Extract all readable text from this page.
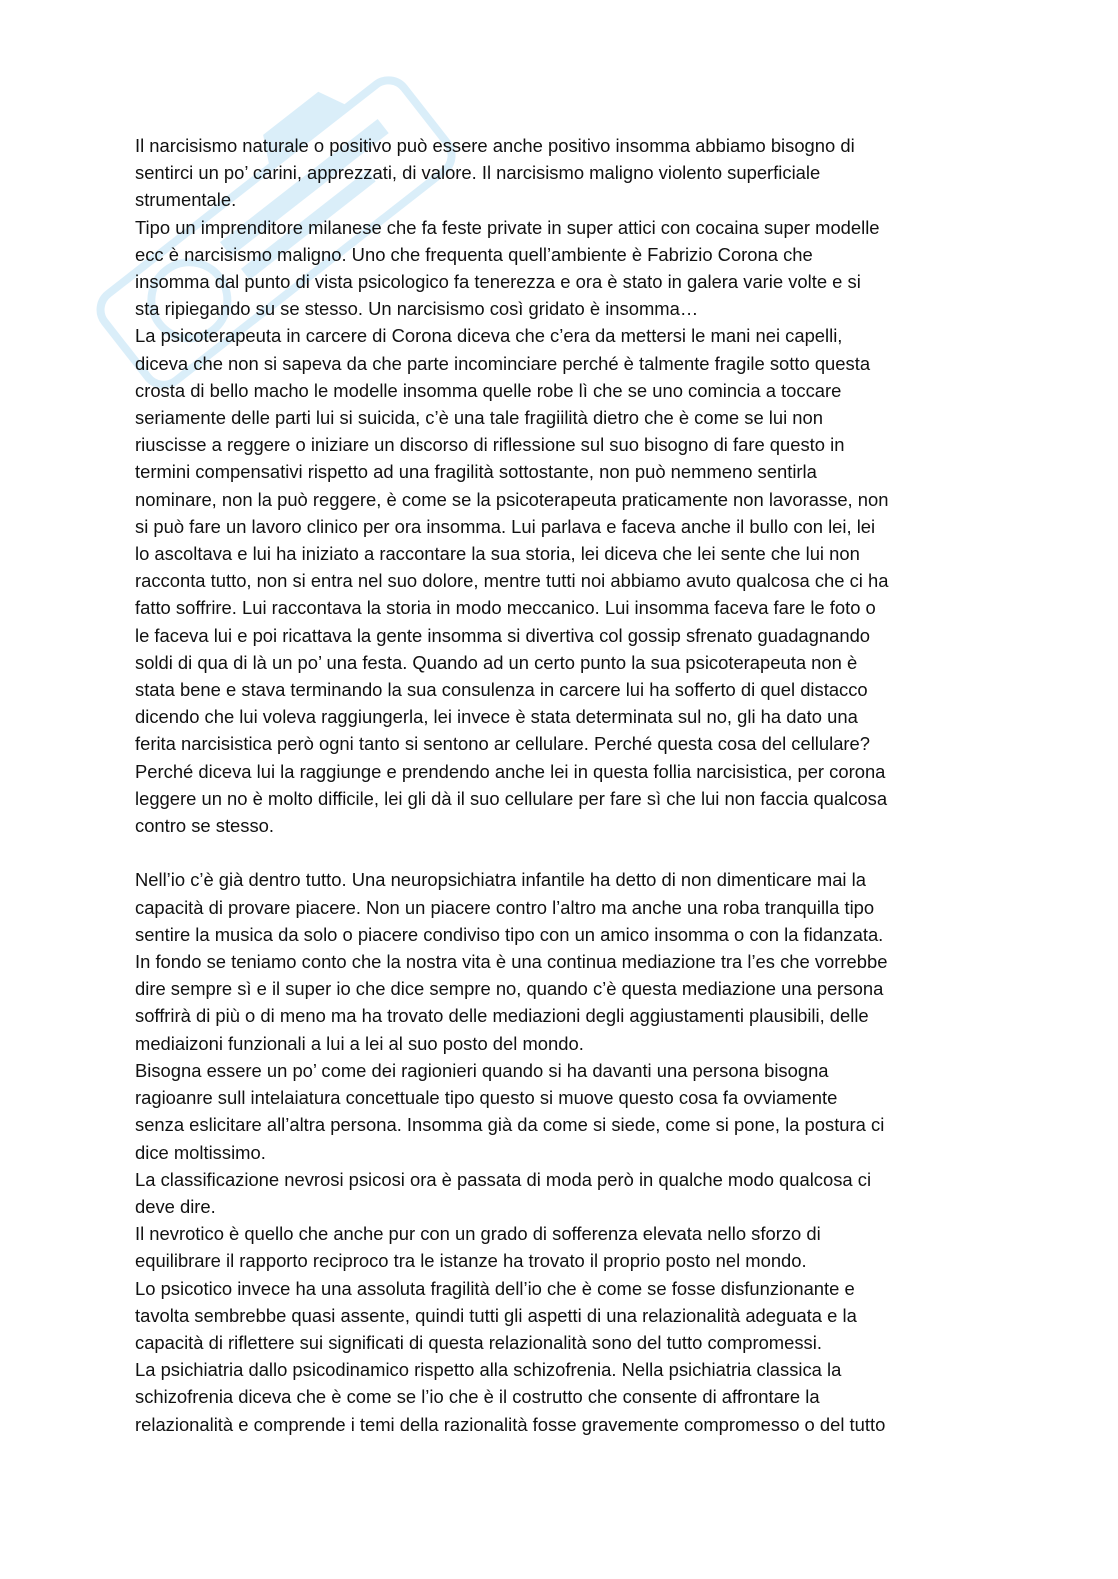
Il narcisismo naturale o positivo può essere anche positivo insomma abbiamo bisogno di
sentirci un po’ carini, apprezzati, di valore. Il narcisismo maligno violento superficiale
strumentale.
Tipo un imprenditore milanese che fa feste private in super attici con cocaina super modelle
ecc è narcisismo maligno. Uno che frequenta quell’ambiente è Fabrizio Corona che
insomma dal punto di vista psicologico fa tenerezza e ora è stato in galera varie volte e si
sta ripiegando su se stesso. Un narcisismo così gridato è insomma…
La psicoterapeuta in carcere di Corona diceva che c’era da mettersi le mani nei capelli,
diceva che non si sapeva da che parte incominciare perché è talmente fragile sotto questa
crosta di bello macho le modelle insomma quelle robe lì che se uno comincia a toccare
seriamente delle parti lui si suicida, c’è una tale fragiilità dietro che è come se lui non
riuscisse a reggere o iniziare un discorso di riflessione sul suo bisogno di fare questo in
termini compensativi rispetto ad una fragilità sottostante, non può nemmeno sentirla
nominare, non la può reggere, è come se la psicoterapeuta praticamente non lavorasse, non
si può fare un lavoro clinico per ora insomma. Lui parlava e faceva anche il bullo con lei, lei
lo ascoltava e lui ha iniziato a raccontare la sua storia, lei diceva che lei sente che lui non
racconta tutto, non si entra nel suo dolore, mentre tutti noi abbiamo avuto qualcosa che ci ha
fatto soffrire. Lui raccontava la storia in modo meccanico. Lui insomma faceva fare le foto o
le faceva lui e poi ricattava la gente insomma si divertiva col gossip sfrenato guadagnando
soldi di qua di là un po’ una festa. Quando ad un certo punto la sua psicoterapeuta non è
stata bene e stava terminando la sua consulenza in carcere lui ha sofferto di quel distacco
dicendo che lui voleva raggiungerla, lei invece è stata determinata sul no, gli ha dato una
ferita narcisistica però ogni tanto si sentono ar cellulare. Perché questa cosa del cellulare?
Perché diceva lui la raggiunge e prendendo anche lei in questa follia narcisistica, per corona
leggere un no è molto difficile, lei gli dà il suo cellulare per fare sì che lui non faccia qualcosa
contro se stesso.
Nell’io c’è già dentro tutto. Una neuropsichiatra infantile ha detto di non dimenticare mai la
capacità di provare piacere. Non un piacere contro l’altro ma anche una roba tranquilla tipo
sentire la musica da solo o piacere condiviso tipo con un amico insomma o con la fidanzata.
In fondo se teniamo conto che la nostra vita è una continua mediazione tra l’es che vorrebbe
dire sempre sì e il super io che dice sempre no, quando c’è questa mediazione una persona
soffrirà di più o di meno ma ha trovato delle mediazioni degli aggiustamenti plausibili, delle
mediaizoni funzionali a lui a lei al suo posto del mondo.
Bisogna essere un po’ come dei ragionieri quando si ha davanti una persona bisogna
ragioanre sull intelaiatura concettuale tipo questo si muove questo cosa fa ovviamente
senza eslicitare all’altra persona. Insomma già da come si siede, come si pone, la postura ci
dice moltissimo.
La classificazione nevrosi psicosi ora è passata di moda però in qualche modo qualcosa ci
deve dire.
Il nevrotico è quello che anche pur con un grado di sofferenza elevata nello sforzo di
equilibrare il rapporto reciproco tra le istanze ha trovato il proprio posto nel mondo.
Lo psicotico invece ha una assoluta fragilità dell’io che è come se fosse disfunzionante e
tavolta sembrebbe quasi assente, quindi tutti gli aspetti di una relazionalità adeguata e la
capacità di riflettere sui significati di questa relazionalità sono del tutto compromessi.
La psichiatria dallo psicodinamico rispetto alla schizofrenia. Nella psichiatria classica la
schizofrenia diceva che è come se l’io che è il costrutto che consente di affrontare la
relazionalità e comprende i temi della razionalità fosse gravemente compromesso o del tutto
